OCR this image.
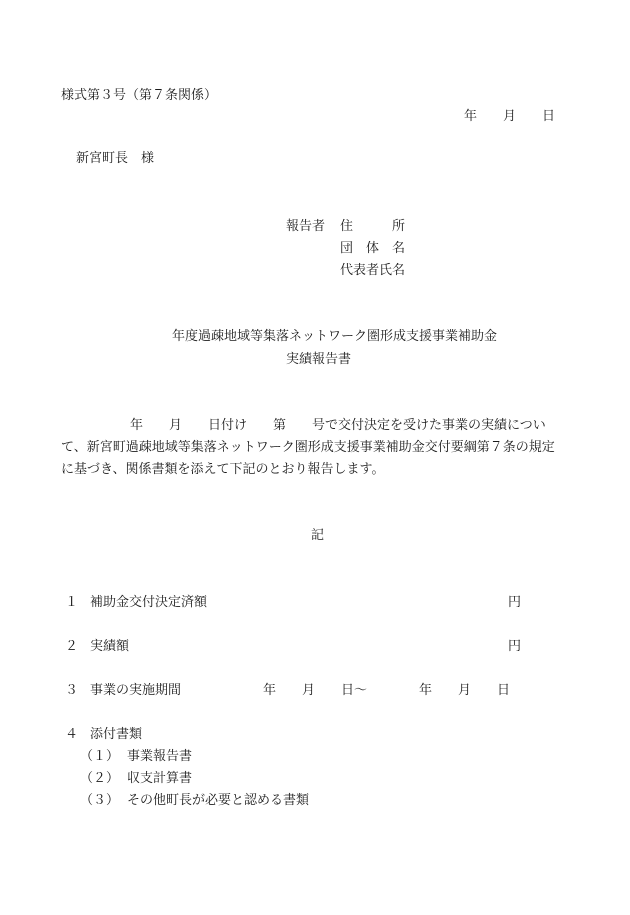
様式第３号（第７条関係）
年　　月　　日
新宮町長　様
報告者 住　　　所
団　体　名
代表者氏名
年度過疎地域等集落ネットワーク圏形成支援事業補助金
実績報告書
年　　月　　日付け　　第　　号で交付決定を受けた事業の実績につい
て、新宮町過疎地域等集落ネットワーク圏形成支援事業補助金交付要綱第７条の規定
に基づき、関係書類を添えて下記のとおり報告します。
記
１ 補助金交付決定済額	円
２ 実績額	円
３ 事業の実施期間	年　　月　　日～　　　　年　　月　　日
４ 添付書類
（１） 事業報告書
（２） 収支計算書
（３） その他町長が必要と認める書類
